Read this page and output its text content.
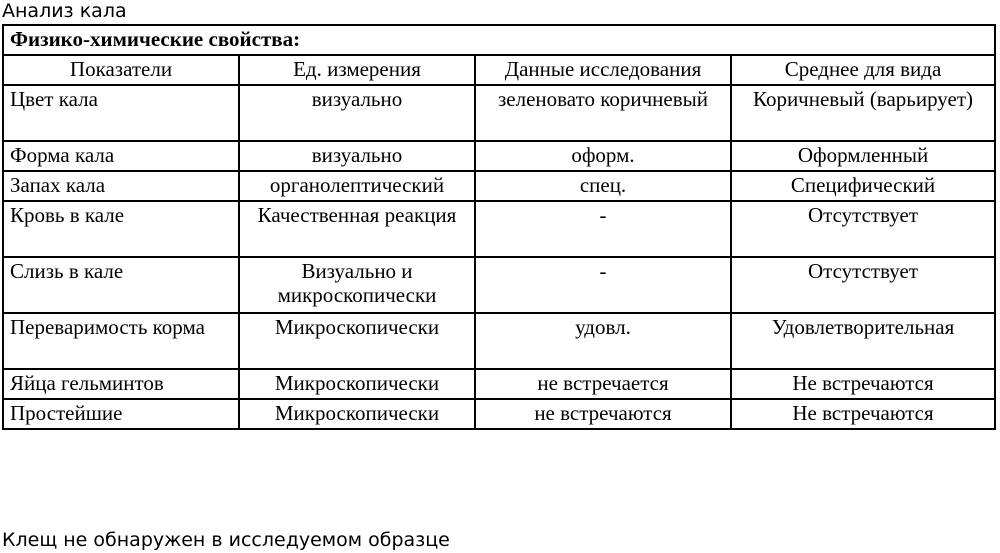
Анализ кала
Физико-химические свойства:			
Показатели	Ед. измерения	Данные исследования	Среднее для вида
Цвет кала	визуально	зеленовато коричневый	Коричневый (варьирует)
Форма кала	визуально	оформ.	Оформленный
Запах кала	органолептический	спец.	Специфический
Кровь в кале	Качественная реакция	-	Отсутствует
Слизь в кале	Визуально и микроскопически	-	Отсутствует
Переваримость корма	Микроскопически	удовл.	Удовлетворительная
Яйца гельминтов	Микроскопически	не встречается	Не встречаются
Простейшие	Микроскопически	не встречаются	Не встречаются
Клещ не обнаружен в исследуемом образце
